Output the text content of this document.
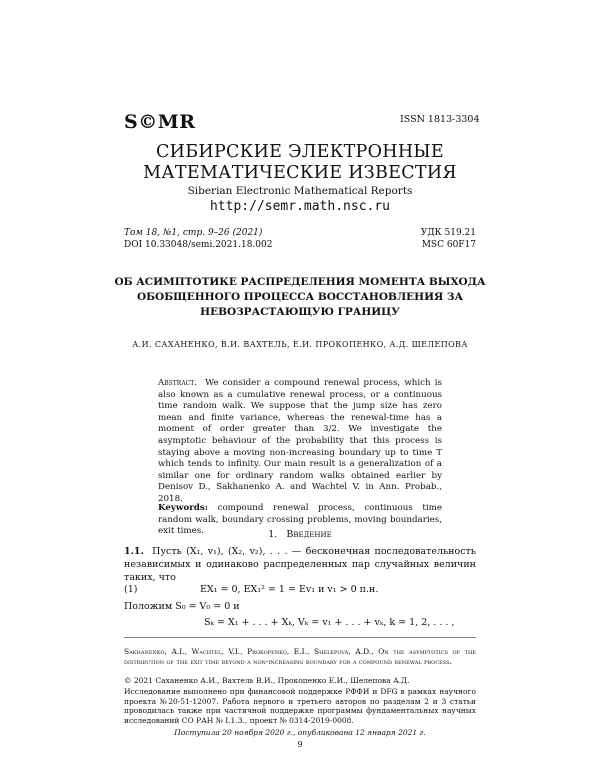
S©MR	ISSN 1813-3304
СИБИРСКИЕ ЭЛЕКТРОННЫЕ
МАТЕМАТИЧЕСКИЕ ИЗВЕСТИЯ
Siberian Electronic Mathematical Reports
http://semr.math.nsc.ru
Том 18, №1, стр. 9–26 (2021)
DOI 10.33048/semi.2021.18.002
УДК 519.21
MSC 60F17
ОБ АСИМПТОТИКЕ РАСПРЕДЕЛЕНИЯ МОМЕНТА ВЫХОДА
ОБОБЩЕННОГО ПРОЦЕССА ВОССТАНОВЛЕНИЯ ЗА
НЕВОЗРАСТАЮЩУЮ ГРАНИЦУ
А.И. САХАНЕНКО, В.И. ВАХТЕЛЬ, Е.И. ПРОКОПЕНКО, А.Д. ШЕЛЕПОВА
Abstract. We consider a compound renewal process, which is also known as a cumulative renewal process, or a continuous time random walk. We suppose that the jump size has zero mean and finite variance, whereas the renewal-time has a moment of order greater than 3/2. We investigate the asymptotic behaviour of the probability that this process is staying above a moving non-increasing boundary up to time T which tends to infinity. Our main result is a generalization of a similar one for ordinary random walks obtained earlier by Denisov D., Sakhanenko A. and Wachtel V. in Ann. Probab., 2018.
Keywords: compound renewal process, continuous time random walk, boundary crossing problems, moving boundaries, exit times.	1. Введение
1.1. Пусть (X₁, v₁), (X₂, v₂), . . . — бесконечная последовательность независимых и одинаково распределенных пар случайных величин таких, что
(1)	EX₁ = 0, EX₁² = 1 = Ev₁ и v₁ > 0 п.н.
Положим S₀ = V₀ = 0 и
Sₖ = X₁ + . . . + Xₖ, Vₖ = v₁ + . . . + vₖ, k = 1, 2, . . . ,
Sakhanenko, A.I., Wachtel, V.I., Prokopenko, E.I., Shelepova, A.D., On the asymptotics of the distribution of the exit time beyond a non-increasing boundary for a compound renewal process.
© 2021 Саханенко А.И., Вахтель В.И., Прокопенко Е.И., Шелепова А.Д.
Исследование выполнено при финансовой поддержке РФФИ и DFG в рамках научного проекта №20-51-12007. Работа первого и третьего авторов по разделам 2 и 3 статьи проводилась также при частичной поддержке программы фундаментальных научных исследований СО РАН № I.1.3., проект № 0314-2019-0008.
Поступила 20 ноября 2020 г., опубликована 12 января 2021 г.
9
